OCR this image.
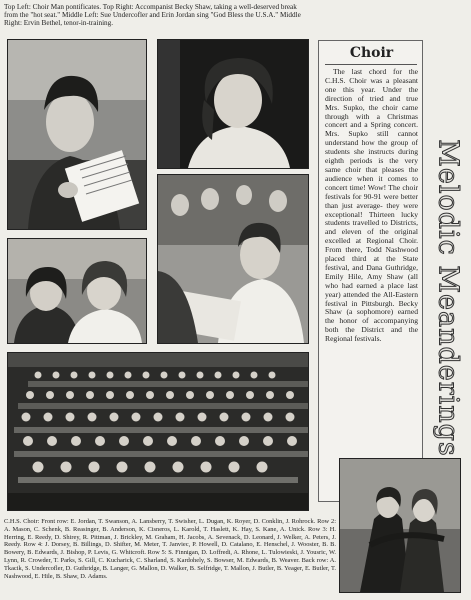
Top Left: Choir Man pontificates. Top Right: Accompanist Becky Shaw, taking a well-deserved break from the "hot seat." Middle Left: Sue Undercofler and Erin Jordan sing "God Bless the U.S.A." Middle Right: Ervin Bethel, tenor-in-training.
Choir
The last chord for the C.H.S. Choir was a pleasant one this year. Under the direction of tried and true Mrs. Supko, the choir came through with a Christmas concert and a Spring concert. Mrs. Supko still cannot understand how the group of students she instructs during eighth periods is the very same choir that pleases the audience when it comes to concert time! Wow! The choir festivals for 90-91 were better than just average- they were exceptional! Thirteen lucky students travelled to Districts, and eleven of the original excelled at Regional Choir. From there, Todd Nashwood placed third at the State festival, and Dana Guthridge, Emily Hile, Amy Shaw (all who had earned a place last year) attended the All-Eastern festival in Pittsburgh. Becky Shaw (a sophomore) earned the honor of accompanying both the District and the Regional festivals.	Melodic Meanderings
C.H.S. Choir: Front row: E. Jordan, T. Swanson, A. Lansberry, T. Swisher, L. Dugan, K. Royer, D. Conklin, J. Rohrock. Row 2: A. Mason, C. Schenk, B. Reasinger, B. Anderson, K. Cisneros, L. Karold, T. Haslett, K. Hay, S. Kane, A. Unick. Row 3: H. Herring, E. Reedy, D. Shirey, R. Pittman, J. Brickley, M. Graham, H. Jacobs, A. Sevenack, D. Leonard, J. Welker, A. Peters, J. Reedy. Row 4: J. Dorsey, B. Billings, D. Shifter, M. Meter, T. Janviec, P. Howell, D. Catalano, E. Henschel, J. Wooster, B. B. Bowery, B. Edwards, J. Bishop, P. Levis, G. Whitcroft. Row 5: S. Finnigan, D. Loffredi, A. Rhone, L. Tulowieski, J. Yousric, W. Lynn, R. Crowder, T. Parks, S. Gill, C. Kucharick, C. Sharland, S. Kardohely, S. Bowser, M. Edwards, B. Weaver. Back row: A. Tkacik, S. Undercofler, D. Guthridge, B. Langer, G. Mallon, D. Walker, B. Selfridge, T. Mallon, J. Butler, B. Yeager, E. Butler, T. Nashwood, E. Hile, B. Shaw, D. Adams.
